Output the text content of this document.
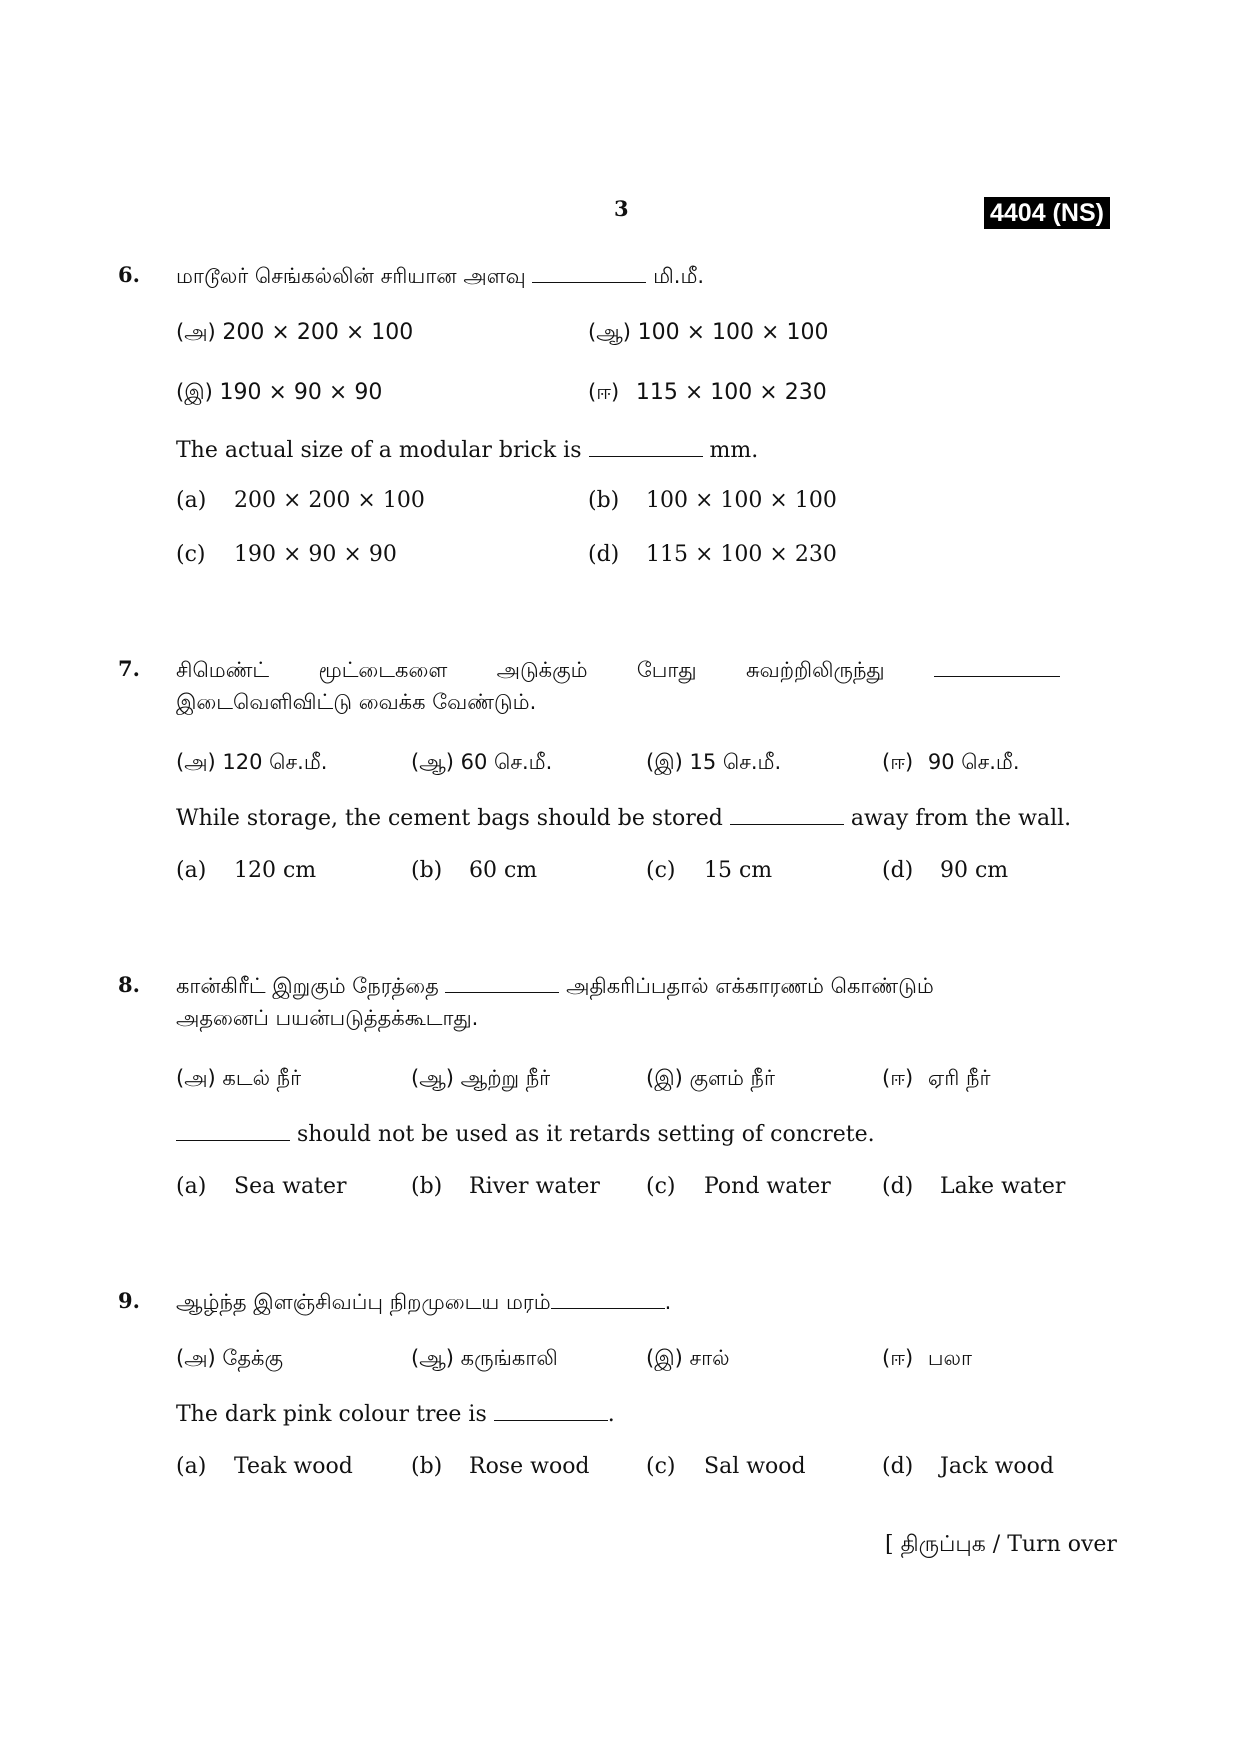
3	4404 (NS)
6. மாடூலர் செங்கல்லின் சரியான அளவு	மி.மீ.
(அ) 200 × 200 × 100	(ஆ) 100 × 100 × 100
(இ) 190 × 90 × 90	(ஈ) 115 × 100 × 230
The actual size of a modular brick is	mm.
(a) 200 × 200 × 100	(b) 100 × 100 × 100
(c) 190 × 90 × 90	(d) 115 × 100 × 230
7. சிமெண்ட் மூட்டைகளை அடுக்கும் போது சுவற்றிலிருந்து
இடைவெளிவிட்டு வைக்க வேண்டும்.
(அ) 120 செ.மீ.	(ஆ) 60 செ.மீ.	(இ) 15 செ.மீ.	(ஈ) 90 செ.மீ.
While storage, the cement bags should be stored	away from the wall.
(a) 120 cm	(b) 60 cm	(c) 15 cm	(d) 90 cm
8. கான்கிரீட் இறுகும் நேரத்தை	அதிகரிப்பதால் எக்காரணம் கொண்டும்
அதனைப் பயன்படுத்தக்கூடாது.
(அ) கடல் நீர்	(ஆ) ஆற்று நீர்	(இ) குளம் நீர்	(ஈ) ஏரி நீர்
should not be used as it retards setting of concrete.
(a) Sea water	(b) River water (c) Pond water (d) Lake water
9. ஆழ்ந்த இளஞ்சிவப்பு நிறமுடைய மரம்	.
(அ) தேக்கு	(ஆ) கருங்காலி	(இ) சால்	(ஈ) பலா
The dark pink colour tree is	.
(a) Teak wood	(b) Rose wood	(c) Sal wood	(d) Jack wood
[ திருப்புக / Turn over
